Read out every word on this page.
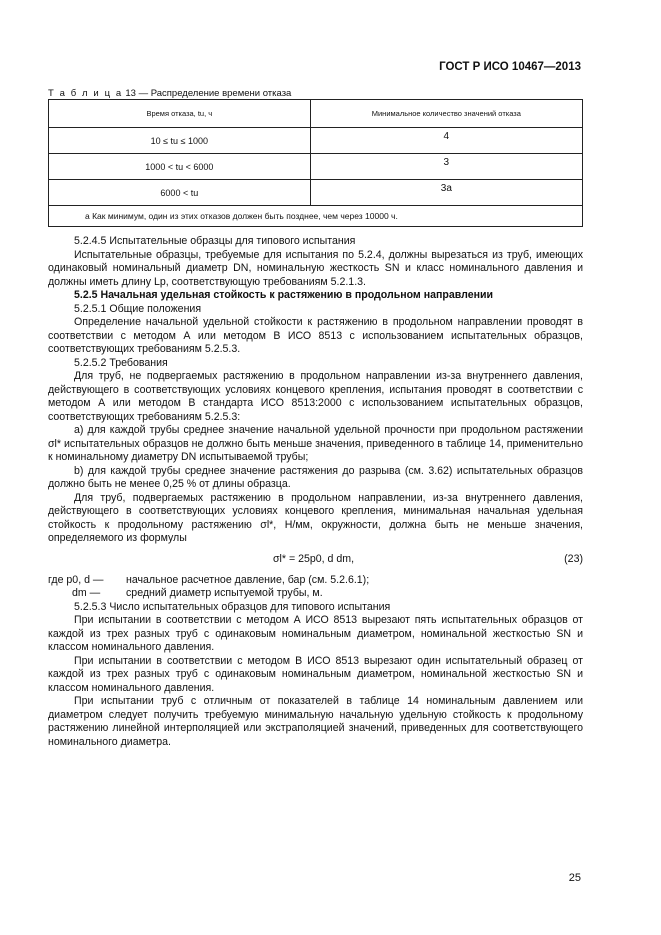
ГОСТ Р ИСО 10467—2013
Т а б л и ц а 13 — Распределение времени отказа
Время отказа, tu, ч	Минимальное количество значений отказа
10 ≤ tu ≤ 1000	4
1000 < tu < 6000	3
6000 < tu	3a
a Как минимум, один из этих отказов должен быть позднее, чем через 10000 ч.	

5.2.4.5 Испытательные образцы для типового испытания

Испытательные образцы, требуемые для испытания по 5.2.4, должны вырезаться из труб, имеющих одинаковый номинальный диаметр DN, номинальную жесткость SN и класс номинального давления и должны иметь длину Lp, соответствующую требованиям 5.2.1.3.

5.2.5 Начальная удельная стойкость к растяжению в продольном направлении

5.2.5.1 Общие положения

Определение начальной удельной стойкости к растяжению в продольном направлении проводят в соответствии с методом А или методом В ИСО 8513 с использованием испытательных образцов, соответствующих требованиям 5.2.5.3.

5.2.5.2 Требования

Для труб, не подвергаемых растяжению в продольном направлении из-за внутреннего давления, действующего в соответствующих условиях концевого крепления, испытания проводят в соответствии с методом А или методом В стандарта ИСО 8513:2000 с использованием испытательных образцов, соответствующих требованиям 5.2.5.3:

а) для каждой трубы среднее значение начальной удельной прочности при продольном растяжении σl* испытательных образцов не должно быть меньше значения, приведенного в таблице 14, применительно к номинальному диаметру DN испытываемой трубы;

b) для каждой трубы среднее значение растяжения до разрыва (см. 3.62) испытательных образцов должно быть не менее 0,25 % от длины образца.

Для труб, подвергаемых растяжению в продольном направлении, из-за внутреннего давления, действующего в соответствующих условиях концевого крепления, минимальная начальная удельная стойкость к продольному растяжению σl*, Н/мм, окружности, должна быть не меньше значения, определяемого из формулы

σl* = 25p0, d dm,	(23)
где p0, d —	начальное расчетное давление, бар (см. 5.2.6.1);
dm —	средний диаметр испытуемой трубы, м.

5.2.5.3 Число испытательных образцов для типового испытания

При испытании в соответствии с методом А ИСО 8513 вырезают пять испытательных образцов от каждой из трех разных труб с одинаковым номинальным диаметром, номинальной жесткостью SN и классом номинального давления.

При испытании в соответствии с методом В ИСО 8513 вырезают один испытательный образец от каждой из трех разных труб с одинаковым номинальным диаметром, номинальной жесткостью SN и классом номинального давления.

При испытании труб с отличным от показателей в таблице 14 номинальным давлением или диаметром следует получить требуемую минимальную начальную удельную стойкость к продольному растяжению линейной интерполяцией или экстраполяцией значений, приведенных для соответствующего номинального диаметра.

25
